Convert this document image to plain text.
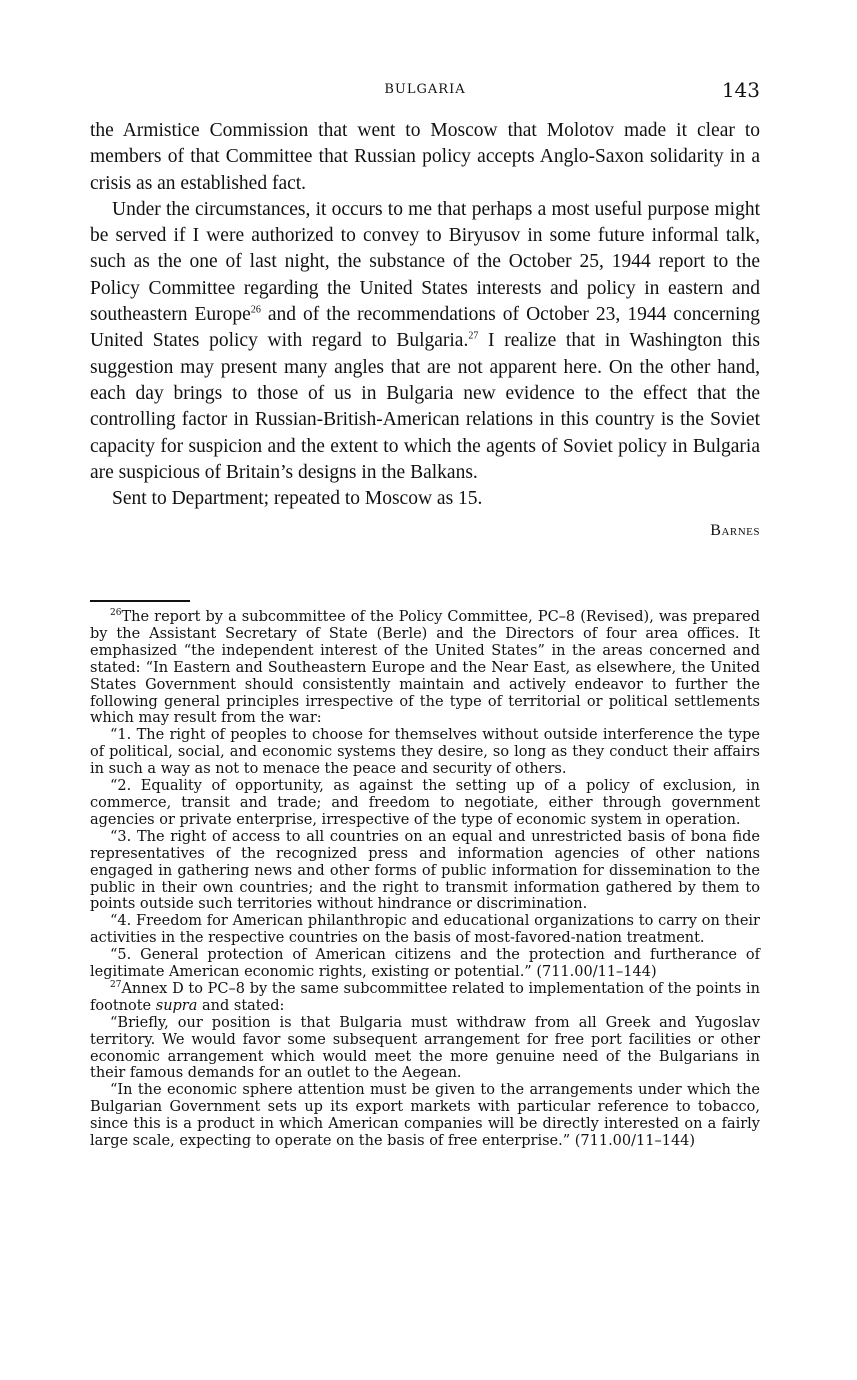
BULGARIA	143

the Armistice Commission that went to Moscow that Molotov made it clear to members of that Committee that Russian policy accepts Anglo-Saxon solidarity in a crisis as an established fact.

Under the circumstances, it occurs to me that perhaps a most useful purpose might be served if I were authorized to convey to Biryusov in some future informal talk, such as the one of last night, the substance of the October 25, 1944 report to the Policy Committee regarding the United States interests and policy in eastern and southeastern Europe$^{26}$ and of the recommendations of October 23, 1944 concerning United States policy with regard to Bulgaria.$^{27}$ I realize that in Washington this suggestion may present many angles that are not apparent here. On the other hand, each day brings to those of us in Bulgaria new evidence to the effect that the controlling factor in Russian-British-American relations in this country is the Soviet capacity for suspicion and the extent to which the agents of Soviet policy in Bulgaria are suspicious of Britain’s designs in the Balkans.

Sent to Department; repeated to Moscow as 15.

Barnes

$^{26}$The report by a subcommittee of the Policy Committee, PC–8 (Revised), was prepared by the Assistant Secretary of State (Berle) and the Directors of four area offices. It emphasized “the independent interest of the United States” in the areas concerned and stated: “In Eastern and Southeastern Europe and the Near East, as elsewhere, the United States Government should consistently maintain and actively endeavor to further the following general principles irrespective of the type of territorial or political settlements which may result from the war:

“1. The right of peoples to choose for themselves without outside interference the type of political, social, and economic systems they desire, so long as they conduct their affairs in such a way as not to menace the peace and security of others.

“2. Equality of opportunity, as against the setting up of a policy of exclusion, in commerce, transit and trade; and freedom to negotiate, either through government agencies or private enterprise, irrespective of the type of economic system in operation.

“3. The right of access to all countries on an equal and unrestricted basis of bona fide representatives of the recognized press and information agencies of other nations engaged in gathering news and other forms of public information for dissemination to the public in their own countries; and the right to transmit information gathered by them to points outside such territories without hindrance or discrimination.

“4. Freedom for American philanthropic and educational organizations to carry on their activities in the respective countries on the basis of most-favored-nation treatment.

“5. General protection of American citizens and the protection and furtherance of legitimate American economic rights, existing or potential.” (711.00/11–144)

$^{27}$Annex D to PC–8 by the same subcommittee related to implementation of the points in footnote supra and stated:

“Briefly, our position is that Bulgaria must withdraw from all Greek and Yugoslav territory. We would favor some subsequent arrangement for free port facilities or other economic arrangement which would meet the more genuine need of the Bulgarians in their famous demands for an outlet to the Aegean.

“In the economic sphere attention must be given to the arrangements under which the Bulgarian Government sets up its export markets with particular reference to tobacco, since this is a product in which American companies will be directly interested on a fairly large scale, expecting to operate on the basis of free enterprise.” (711.00/11–144)
